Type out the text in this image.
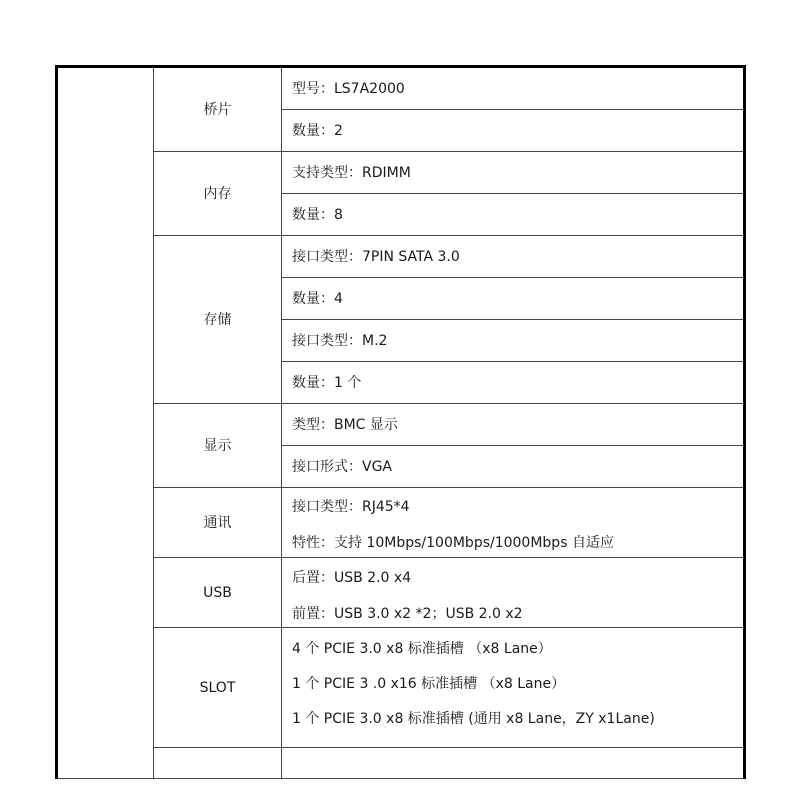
	桥片	型号：LS7A2000
		数量：2
	内存	支持类型：RDIMM
		数量：8
	存储	接口类型：7PIN SATA 3.0
		数量：4
		接口类型：M.2
		数量：1 个
	显示	类型：BMC 显示
		接口形式：VGA
	通讯	接口类型：RJ45*4
特性：支持 10Mbps/100Mbps/1000Mbps 自适应

	USB	后置：USB 2.0 x4
前置：USB 3.0 x2 *2；USB 2.0 x2

	SLOT	4 个 PCIE 3.0 x8 标准插槽 （x8 Lane）
1 个 PCIE 3 .0 x16 标准插槽 （x8 Lane）
1 个 PCIE 3.0 x8 标准插槽 (通用 x8 Lane，ZY x1Lane)
